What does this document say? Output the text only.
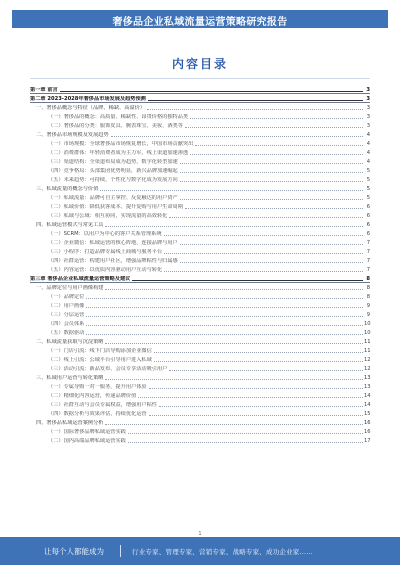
奢侈品企业私域流量运营策略研究报告
内容目录
第一章 前言	3
第二章 2023-2028年奢侈品市场发展及趋势预测	3
一、奢侈品概念与特征（品牌、稀缺、高溢价）	3
（一）奢侈品的概念：高质量、稀缺性、昂贵价格的独特品类	3
（二）奢侈品的分类：服饰皮具、腕表珠宝、美妆、酒类等	3
二、奢侈品市场规模及发展趋势	4
（一）市场规模：全球奢侈品市场恢复增长，中国市场贡献突出	4
（二）消费群体：年轻消费者成为主力军，线上渠道加速渗透	4
（三）渠道结构：全渠道布局成为趋势，数字化转型加速	4
（四）竞争格局：头部集团优势明显，新兴品牌加速崛起	5
（五）未来趋势：可持续、个性化与数字化成为发展方向	5
三、私域流量的概念与价值	5
（一）私域流量：品牌可自主掌控、反复触达的用户资产	5
（二）私域价值：降低获客成本、提升复购与用户生命周期	6
（三）私域与公域：相互协同，实现流量的高效转化	6
四、私域运营模式与常见工具	6
（一）SCRM：以用户为中心的客户关系管理系统	6
（二）企业微信：私域运营的核心阵地，连接品牌与用户	7
（三）小程序：打造品牌专属线上商城与服务平台	7
（四）社群运营：构建用户社区，增强品牌粘性与归属感	7
（五）内容运营：以优质内容驱动用户互动与转化	7
第三章 奢侈品企业私域流量运营策略及建议	8
一、品牌定位与用户画像构建	8
（一）品牌定位	8
（二）用户画像	9
（三）分层运营	9
（四）会员体系	10
（五）数据驱动	10
二、私域流量获取与沉淀策略	11
（一）门店引流：线下门店导购添加企业微信	11
（二）线上引流：公域平台引导用户进入私域	12
（三）活动引流：新品发布、会员专享活动吸引用户	12
三、私域用户运营与转化策略	13
（一）专属导购一对一服务，提升用户体验	13
（二）精细化内容运营，传递品牌价值	14
（三）社群互动与会员专属权益，增强用户粘性	14
（四）数据分析与效果评估，持续优化运营	15
四、奢侈品私域运营案例分析	16
（一）国际奢侈品牌私域运营实践	16
（二）国内高端品牌私域运营实践	17
1
让每个人都能成为	行业专家、管理专家、营销专家、战略专家、成功企业家……
